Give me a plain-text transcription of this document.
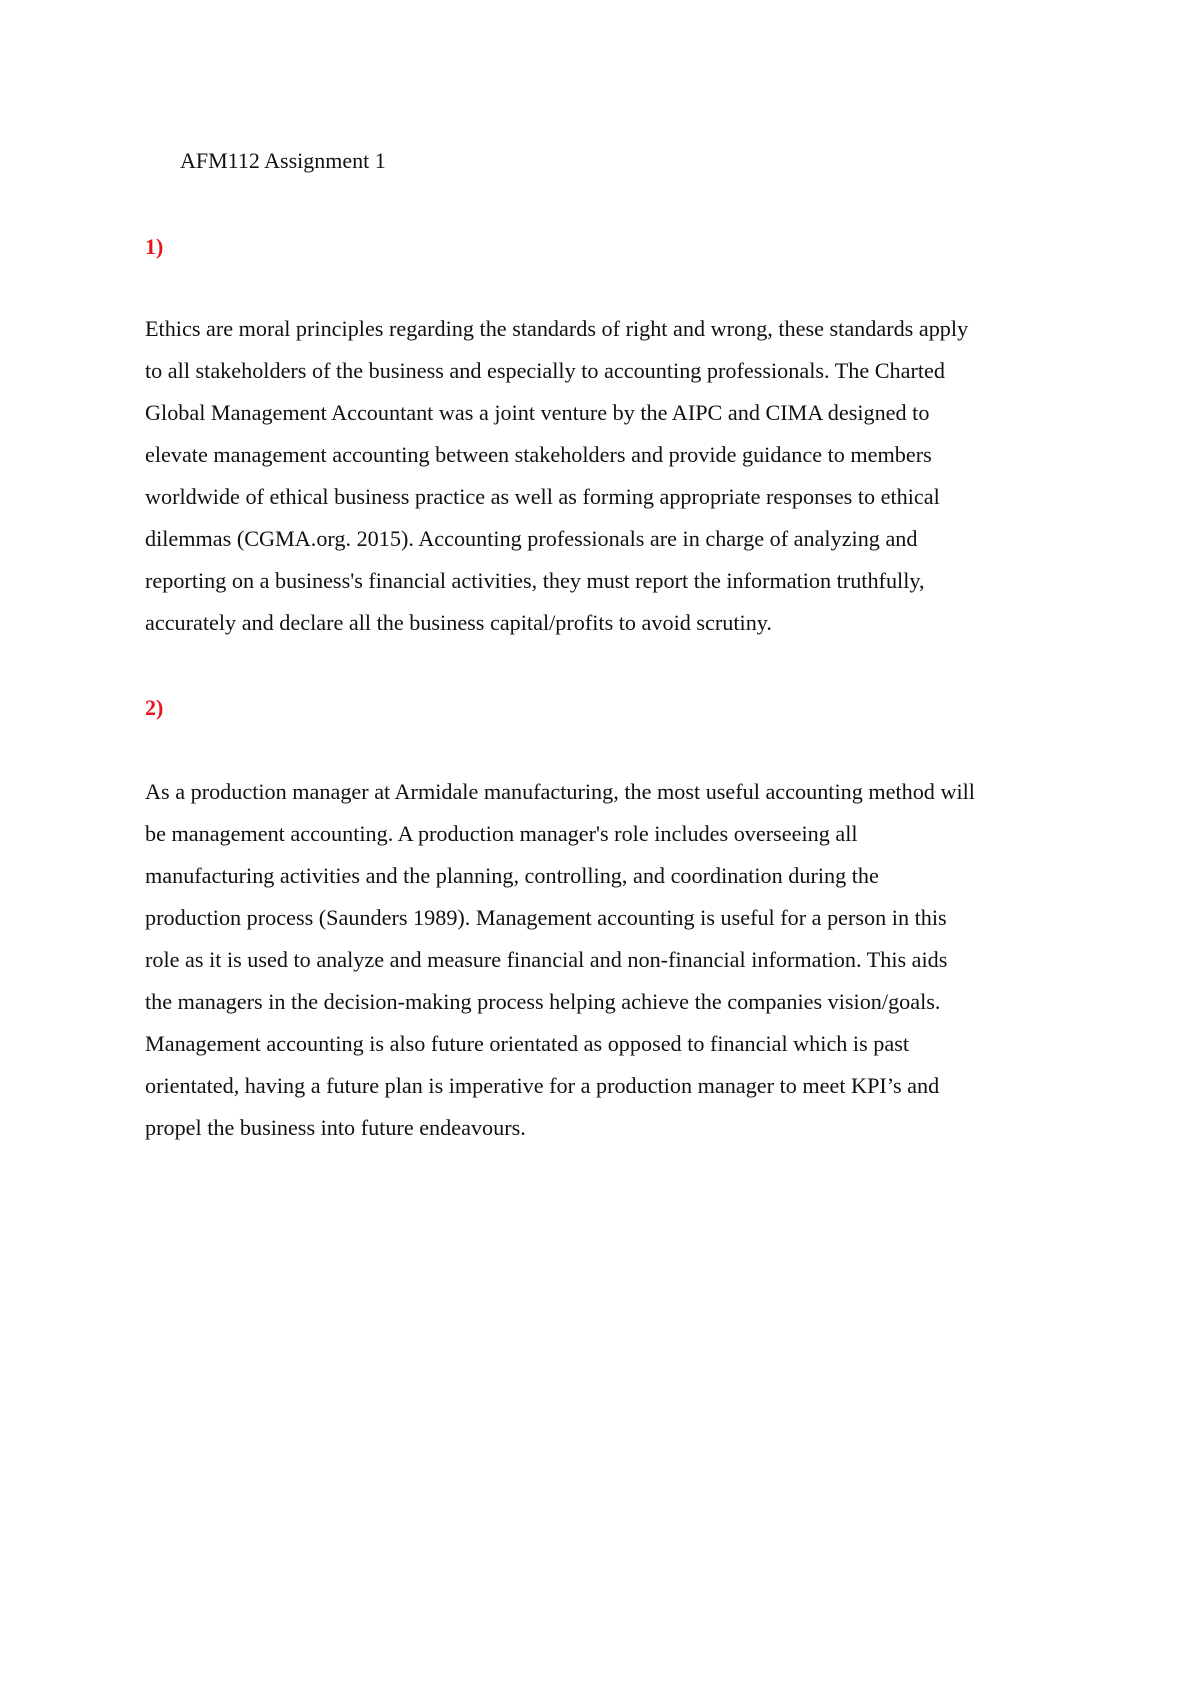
AFM112 Assignment 1
1)

Ethics are moral principles regarding the standards of right and wrong, these standards apply
to all stakeholders of the business and especially to accounting professionals. The Charted
Global Management Accountant was a joint venture by the AIPC and CIMA designed to
elevate management accounting between stakeholders and provide guidance to members
worldwide of ethical business practice as well as forming appropriate responses to ethical
dilemmas (CGMA.org. 2015). Accounting professionals are in charge of analyzing and
reporting on a business's financial activities, they must report the information truthfully,
accurately and declare all the business capital/profits to avoid scrutiny.

2)

As a production manager at Armidale manufacturing, the most useful accounting method will
be management accounting. A production manager's role includes overseeing all
manufacturing activities and the planning, controlling, and coordination during the
production process (Saunders 1989). Management accounting is useful for a person in this
role as it is used to analyze and measure financial and non-financial information. This aids
the managers in the decision-making process helping achieve the companies vision/goals.
Management accounting is also future orientated as opposed to financial which is past
orientated, having a future plan is imperative for a production manager to meet KPI’s and
propel the business into future endeavours.
